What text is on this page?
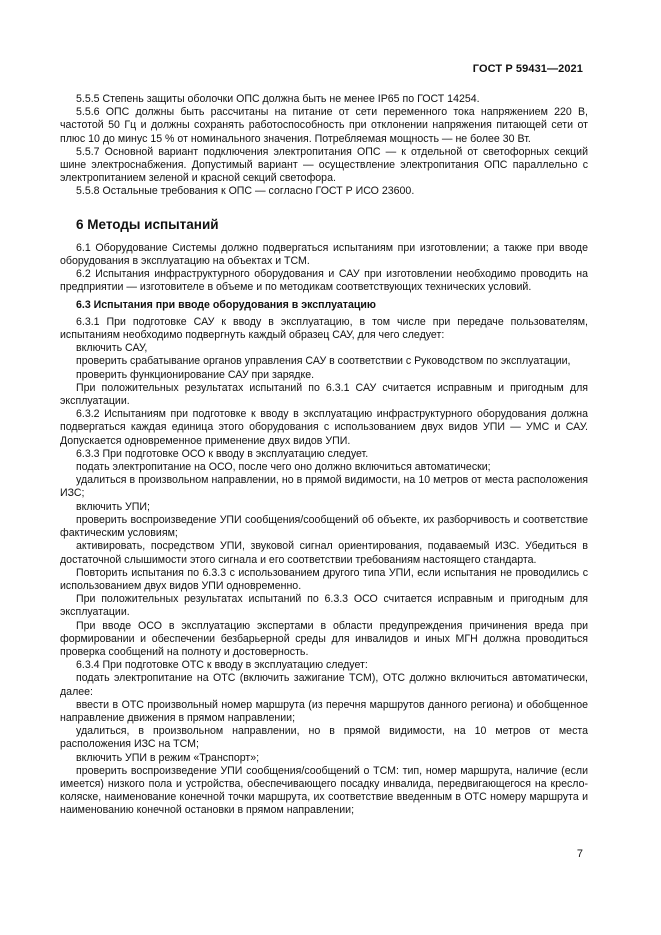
ГОСТ Р 59431—2021

5.5.5 Степень защиты оболочки ОПС должна быть не менее IP65 по ГОСТ 14254.

5.5.6 ОПС должны быть рассчитаны на питание от сети переменного тока напряжением 220 В, частотой 50 Гц и должны сохранять работоспособность при отклонении напряжения питающей сети от плюс 10 до минус 15 % от номинального значения. Потребляемая мощность — не более 30 Вт.

5.5.7 Основной вариант подключения электропитания ОПС — к отдельной от светофорных секций шине электроснабжения. Допустимый вариант — осуществление электропитания ОПС параллельно с электропитанием зеленой и красной секций светофора.

5.5.8 Остальные требования к ОПС — согласно ГОСТ Р ИСО 23600.

6 Методы испытаний

6.1 Оборудование Системы должно подвергаться испытаниям при изготовлении; а также при вводе оборудования в эксплуатацию на объектах и ТСМ.

6.2 Испытания инфраструктурного оборудования и САУ при изготовлении необходимо проводить на предприятии — изготовителе в объеме и по методикам соответствующих технических условий.

6.3 Испытания при вводе оборудования в эксплуатацию

6.3.1 При подготовке САУ к вводу в эксплуатацию, в том числе при передаче пользователям, испытаниям необходимо подвергнуть каждый образец САУ, для чего следует:

включить САУ,

проверить срабатывание органов управления САУ в соответствии с Руководством по эксплуатации,

проверить функционирование САУ при зарядке.

При положительных результатах испытаний по 6.3.1 САУ считается исправным и пригодным для эксплуатации.

6.3.2 Испытаниям при подготовке к вводу в эксплуатацию инфраструктурного оборудования должна подвергаться каждая единица этого оборудования с использованием двух видов УПИ — УМС и САУ. Допускается одновременное применение двух видов УПИ.

6.3.3 При подготовке ОСО к вводу в эксплуатацию следует.

подать электропитание на ОСО, после чего оно должно включиться автоматически;

удалиться в произвольном направлении, но в прямой видимости, на 10 метров от места расположения ИЗС;

включить УПИ;

проверить воспроизведение УПИ сообщения/сообщений об объекте, их разборчивость и соответствие фактическим условиям;

активировать, посредством УПИ, звуковой сигнал ориентирования, подаваемый ИЗС. Убедиться в достаточной слышимости этого сигнала и его соответствии требованиям настоящего стандарта.

Повторить испытания по 6.3.3 с использованием другого типа УПИ, если испытания не проводились с использованием двух видов УПИ одновременно.

При положительных результатах испытаний по 6.3.3 ОСО считается исправным и пригодным для эксплуатации.

При вводе ОСО в эксплуатацию экспертами в области предупреждения причинения вреда при формировании и обеспечении безбарьерной среды для инвалидов и иных МГН должна проводиться проверка сообщений на полноту и достоверность.

6.3.4 При подготовке ОТС к вводу в эксплуатацию следует:

подать электропитание на ОТС (включить зажигание ТСМ), ОТС должно включиться автоматически, далее:

ввести в ОТС произвольный номер маршрута (из перечня маршрутов данного региона) и обобщенное направление движения в прямом направлении;

удалиться, в произвольном направлении, но в прямой видимости, на 10 метров от места расположения ИЗС на ТСМ;

включить УПИ в режим «Транспорт»;

проверить воспроизведение УПИ сообщения/сообщений о ТСМ: тип, номер маршрута, наличие (если имеется) низкого пола и устройства, обеспечивающего посадку инвалида, передвигающегося на кресло-коляске, наименование конечной точки маршрута, их соответствие введенным в ОТС номеру маршрута и наименованию конечной остановки в прямом направлении;

7
